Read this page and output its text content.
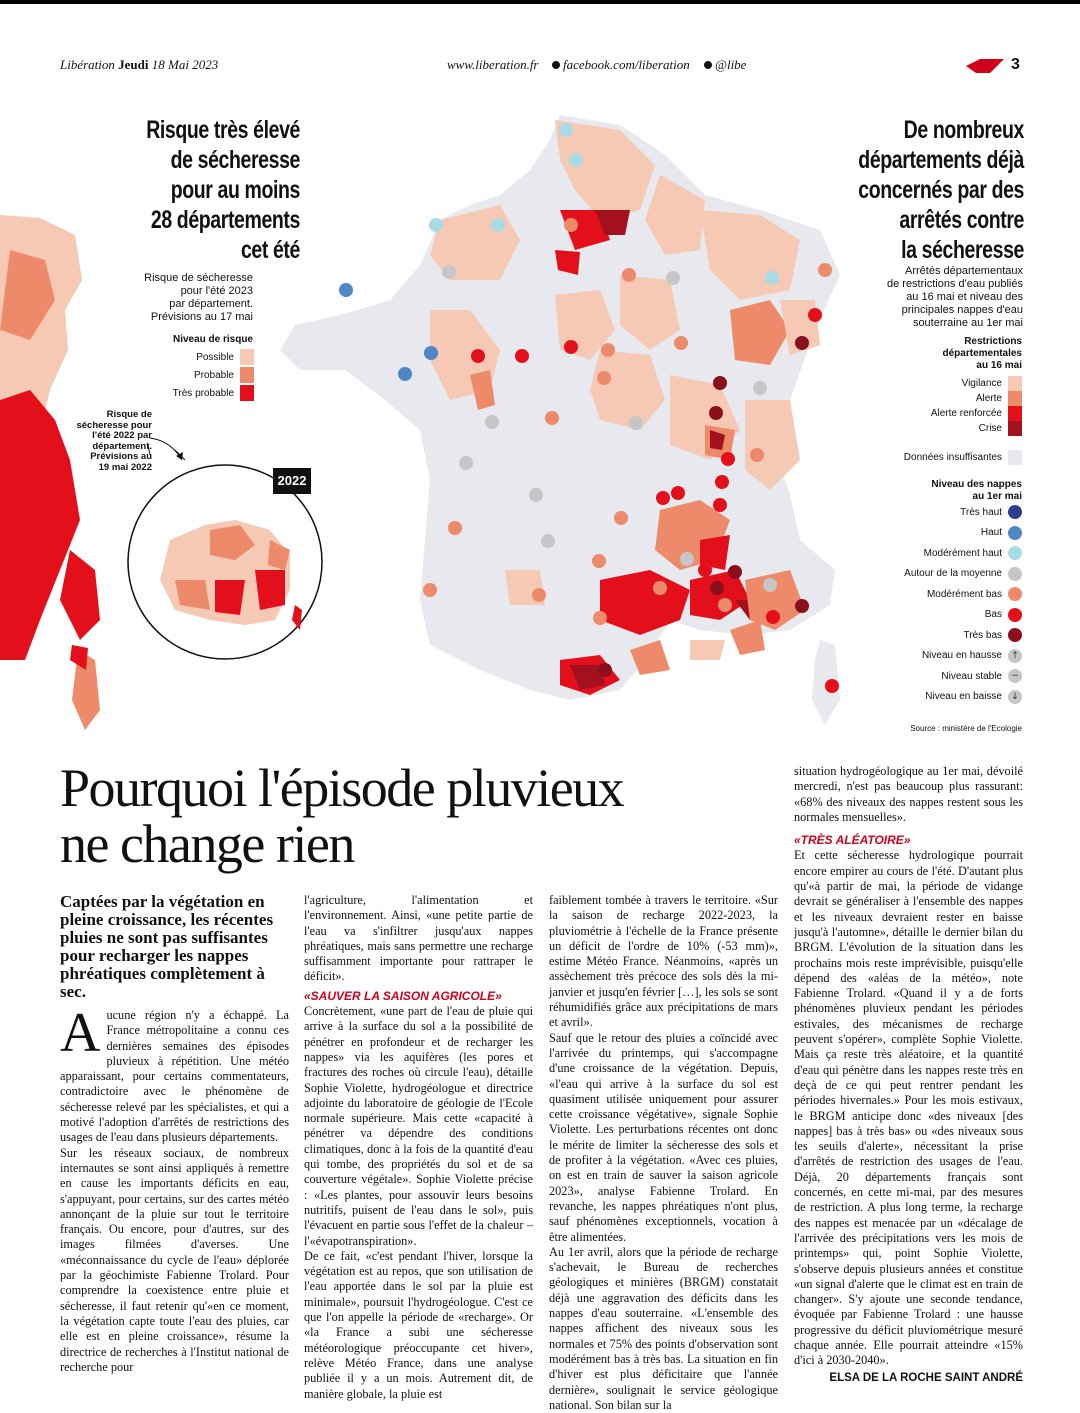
Libération Jeudi 18 Mai 2023	www.liberation.fr	facebook.com/liberation	@libe	3
Risque très élevé
de sécheresse
pour au moins
28 départements
cet été
Risque de sécheresse
pour l'été 2023
par département.
Prévisions au 17 mai
Niveau de risque
Possible
Probable
Très probable
Risque de
sécheresse pour
l'été 2022 par
département.
Prévisions au
19 mai 2022
2022
De nombreux
départements déjà
concernés par des
arrêtés contre
la sécheresse
Arrêtés départementaux
de restrictions d'eau publiés
au 16 mai et niveau des
principales nappes d'eau
souterraine au 1er mai
Restrictions
départementales
au 16 mai
Vigilance
Alerte
Alerte renforcée
Crise
Données insuffisantes
Niveau des nappes
au 1er mai
Très haut
Haut
Modérément haut
Autour de la moyenne
Modérément bas
Bas
Très bas
Niveau en hausse	↑
Niveau stable	−
Niveau en baisse	↓
Source : ministère de l'Ecologie
Pourquoi l'épisode pluvieux
ne change rien
Captées par la végétation en pleine croissance, les récentes pluies ne sont pas suffisantes pour recharger les nappes phréatiques complètement à sec.

Aucune région n'y a échappé. La France métropolitaine a connu ces dernières semaines des épisodes pluvieux à répétition. Une météo apparaissant, pour certains commentateurs, contradictoire avec le phénomène de sécheresse relevé par les spécialistes, et qui a motivé l'adoption d'arrêtés de restrictions des usages de l'eau dans plusieurs départements.

Sur les réseaux sociaux, de nombreux internautes se sont ainsi appliqués à remettre en cause les importants déficits en eau, s'appuyant, pour certains, sur des cartes météo annonçant de la pluie sur tout le territoire français. Ou encore, pour d'autres, sur des images filmées d'averses. Une «méconnaissance du cycle de l'eau» déplorée par la géochimiste Fabienne Trolard. Pour comprendre la coexistence entre pluie et sécheresse, il faut retenir qu'«en ce moment, la végétation capte toute l'eau des pluies, car elle est en pleine croissance», résume la directrice de recherches à l'Institut national de recherche pour

l'agriculture, l'alimentation et l'environnement. Ainsi, «une petite partie de l'eau va s'infiltrer jusqu'aux nappes phréatiques, mais sans permettre une recharge suffisamment importante pour rattraper le déficit».

«SAUVER LA SAISON AGRICOLE»

Concrètement, «une part de l'eau de pluie qui arrive à la surface du sol a la possibilité de pénétrer en profondeur et de recharger les nappes» via les aquifères (les pores et fractures des roches où circule l'eau), détaille Sophie Violette, hydrogéologue et directrice adjointe du laboratoire de géologie de l'Ecole normale supérieure. Mais cette «capacité à pénétrer va dépendre des conditions climatiques, donc à la fois de la quantité d'eau qui tombe, des propriétés du sol et de sa couverture végétale». Sophie Violette précise : «Les plantes, pour assouvir leurs besoins nutritifs, puisent de l'eau dans le sol», puis l'évacuent en partie sous l'effet de la chaleur – l'«évapotranspiration».

De ce fait, «c'est pendant l'hiver, lorsque la végétation est au repos, que son utilisation de l'eau apportée dans le sol par la pluie est minimale», poursuit l'hydrogéologue. C'est ce que l'on appelle la période de «recharge». Or «la France a subi une sécheresse météorologique préoccupante cet hiver», relève Météo France, dans une analyse publiée il y a un mois. Autrement dit, de manière globale, la pluie est

faiblement tombée à travers le territoire. «Sur la saison de recharge 2022-2023, la pluviométrie à l'échelle de la France présente un déficit de l'ordre de 10% (-53 mm)», estime Météo France. Néanmoins, «après un assèchement très précoce des sols dès la mi-janvier et jusqu'en février […], les sols se sont réhumidifiés grâce aux précipitations de mars et avril».

Sauf que le retour des pluies a coïncidé avec l'arrivée du printemps, qui s'accompagne d'une croissance de la végétation. Depuis, «l'eau qui arrive à la surface du sol est quasiment utilisée uniquement pour assurer cette croissance végétative», signale Sophie Violette. Les perturbations récentes ont donc le mérite de limiter la sécheresse des sols et de profiter à la végétation. «Avec ces pluies, on est en train de sauver la saison agricole 2023», analyse Fabienne Trolard. En revanche, les nappes phréatiques n'ont plus, sauf phénomènes exceptionnels, vocation à être alimentées.

Au 1er avril, alors que la période de recharge s'achevait, le Bureau de recherches géologiques et minières (BRGM) constatait déjà une aggravation des déficits dans les nappes d'eau souterraine. «L'ensemble des nappes affichent des niveaux sous les normales et 75% des points d'observation sont modérément bas à très bas. La situation en fin d'hiver est plus déficitaire que l'année dernière», soulignait le service géologique national. Son bilan sur la

situation hydrogéologique au 1er mai, dévoilé mercredi, n'est pas beaucoup plus rassurant: «68% des niveaux des nappes restent sous les normales mensuelles».

«TRÈS ALÉATOIRE»

Et cette sécheresse hydrologique pourrait encore empirer au cours de l'été. D'autant plus qu'«à partir de mai, la période de vidange devrait se généraliser à l'ensemble des nappes et les niveaux devraient rester en baisse jusqu'à l'automne», détaille le dernier bilan du BRGM. L'évolution de la situation dans les prochains mois reste imprévisible, puisqu'elle dépend des «aléas de la météo», note Fabienne Trolard. «Quand il y a de forts phénomènes pluvieux pendant les périodes estivales, des mécanismes de recharge peuvent s'opérer», complète Sophie Violette. Mais ça reste très aléatoire, et la quantité d'eau qui pénètre dans les nappes reste très en deçà de ce qui peut rentrer pendant les périodes hivernales.» Pour les mois estivaux, le BRGM anticipe donc «des niveaux [des nappes] bas à très bas» ou «des niveaux sous les seuils d'alerte», nécessitant la prise d'arrêtés de restriction des usages de l'eau. Déjà, 20 départements français sont concernés, en cette mi-mai, par des mesures de restriction. A plus long terme, la recharge des nappes est menacée par un «décalage de l'arrivée des précipitations vers les mois de printemps» qui, point Sophie Violette, s'observe depuis plusieurs années et constitue «un signal d'alerte que le climat est en train de changer». S'y ajoute une seconde tendance, évoquée par Fabienne Trolard : une hausse progressive du déficit pluviométrique mesuré chaque année. Elle pourrait atteindre «15% d'ici à 2030-2040».

ELSA DE LA ROCHE SAINT ANDRÉ
